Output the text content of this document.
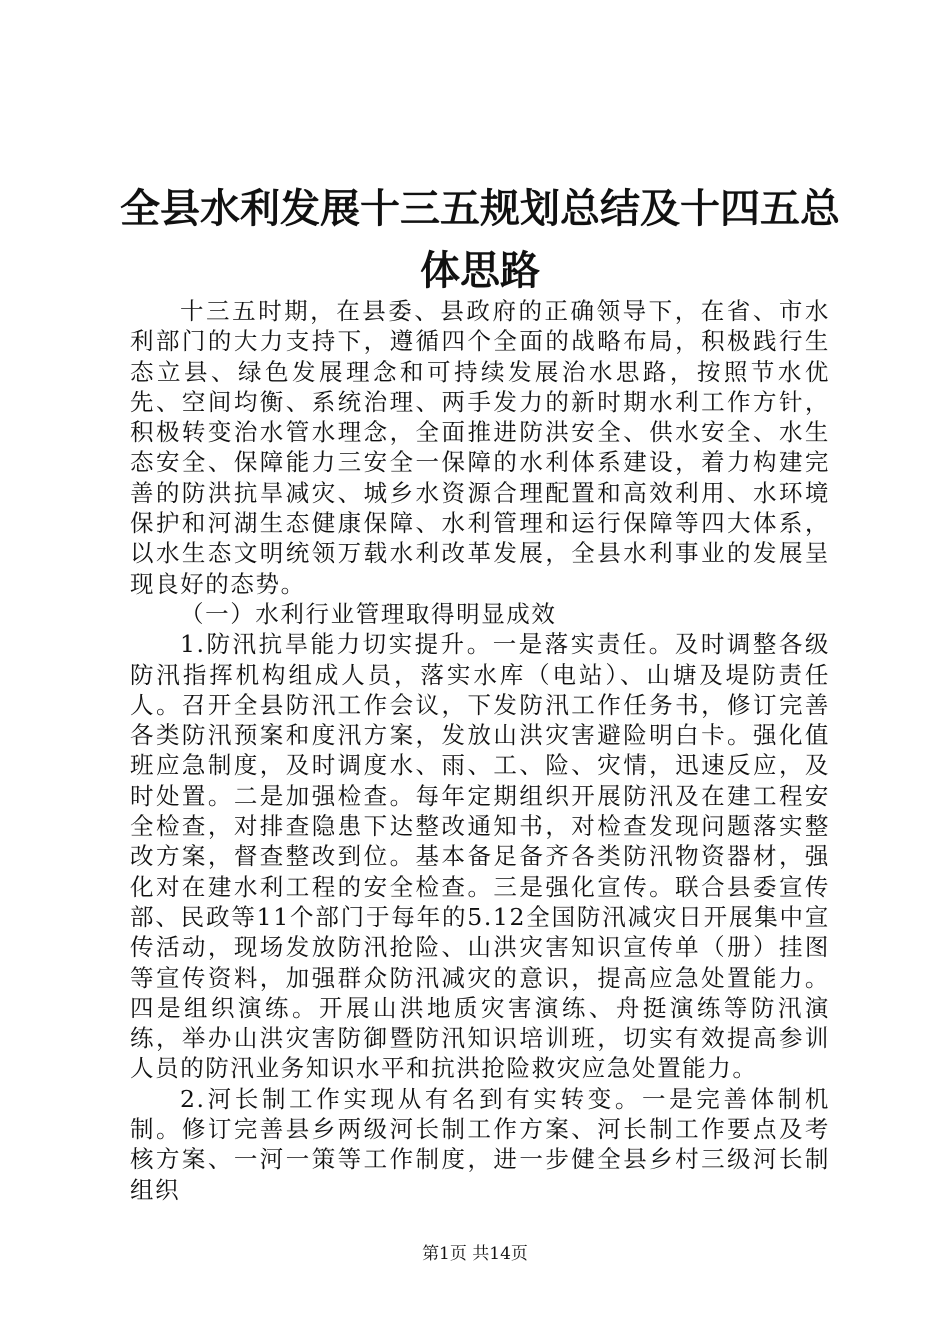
全县水利发展十三五规划总结及十四五总体思路

十三五时期，在县委、县政府的正确领导下，在省、市水利部门的大力支持下，遵循四个全面的战略布局，积极践行生态立县、绿色发展理念和可持续发展治水思路，按照节水优先、空间均衡、系统治理、两手发力的新时期水利工作方针，积极转变治水管水理念，全面推进防洪安全、供水安全、水生态安全、保障能力三安全一保障的水利体系建设，着力构建完善的防洪抗旱减灾、城乡水资源合理配置和高效利用、水环境保护和河湖生态健康保障、水利管理和运行保障等四大体系，以水生态文明统领万载水利改革发展，全县水利事业的发展呈现良好的态势。

（一）水利行业管理取得明显成效

1.防汛抗旱能力切实提升。一是落实责任。及时调整各级防汛指挥机构组成人员，落实水库（电站）、山塘及堤防责任人。召开全县防汛工作会议，下发防汛工作任务书，修订完善各类防汛预案和度汛方案，发放山洪灾害避险明白卡。强化值班应急制度，及时调度水、雨、工、险、灾情，迅速反应，及时处置。二是加强检查。每年定期组织开展防汛及在建工程安全检查，对排查隐患下达整改通知书，对检查发现问题落实整改方案，督查整改到位。基本备足备齐各类防汛物资器材，强化对在建水利工程的安全检查。三是强化宣传。联合县委宣传部、民政等11个部门于每年的5.12全国防汛减灾日开展集中宣传活动，现场发放防汛抢险、山洪灾害知识宣传单（册）挂图等宣传资料，加强群众防汛减灾的意识，提高应急处置能力。四是组织演练。开展山洪地质灾害演练、舟挺演练等防汛演练，举办山洪灾害防御暨防汛知识培训班，切实有效提高参训人员的防汛业务知识水平和抗洪抢险救灾应急处置能力。

2.河长制工作实现从有名到有实转变。一是完善体制机制。修订完善县乡两级河长制工作方案、河长制工作要点及考核方案、一河一策等工作制度，进一步健全县乡村三级河长制组织

第1页 共14页
